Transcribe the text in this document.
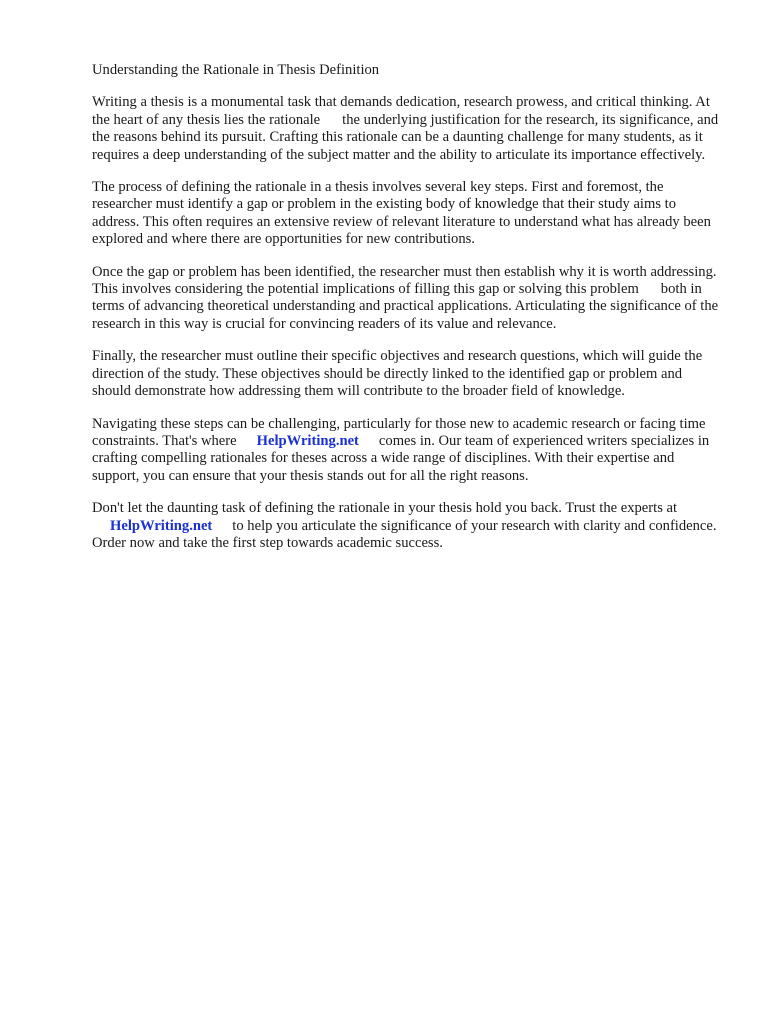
Understanding the Rationale in Thesis Definition

Writing a thesis is a monumental task that demands dedication, research prowess, and critical thinking. At the heart of any thesis lies the rationale the underlying justification for the research, its significance, and the reasons behind its pursuit. Crafting this rationale can be a daunting challenge for many students, as it requires a deep understanding of the subject matter and the ability to articulate its importance effectively.

The process of defining the rationale in a thesis involves several key steps. First and foremost, the researcher must identify a gap or problem in the existing body of knowledge that their study aims to address. This often requires an extensive review of relevant literature to understand what has already been explored and where there are opportunities for new contributions.

Once the gap or problem has been identified, the researcher must then establish why it is worth addressing. This involves considering the potential implications of filling this gap or solving this problem both in terms of advancing theoretical understanding and practical applications. Articulating the significance of the research in this way is crucial for convincing readers of its value and relevance.

Finally, the researcher must outline their specific objectives and research questions, which will guide the direction of the study. These objectives should be directly linked to the identified gap or problem and should demonstrate how addressing them will contribute to the broader field of knowledge.

Navigating these steps can be challenging, particularly for those new to academic research or facing time constraints. That's where HelpWriting.net comes in. Our team of experienced writers specializes in crafting compelling rationales for theses across a wide range of disciplines. With their expertise and support, you can ensure that your thesis stands out for all the right reasons.

Don't let the daunting task of defining the rationale in your thesis hold you back. Trust the experts at
HelpWriting.net to help you articulate the significance of your research with clarity and confidence. Order now and take the first step towards academic success.
